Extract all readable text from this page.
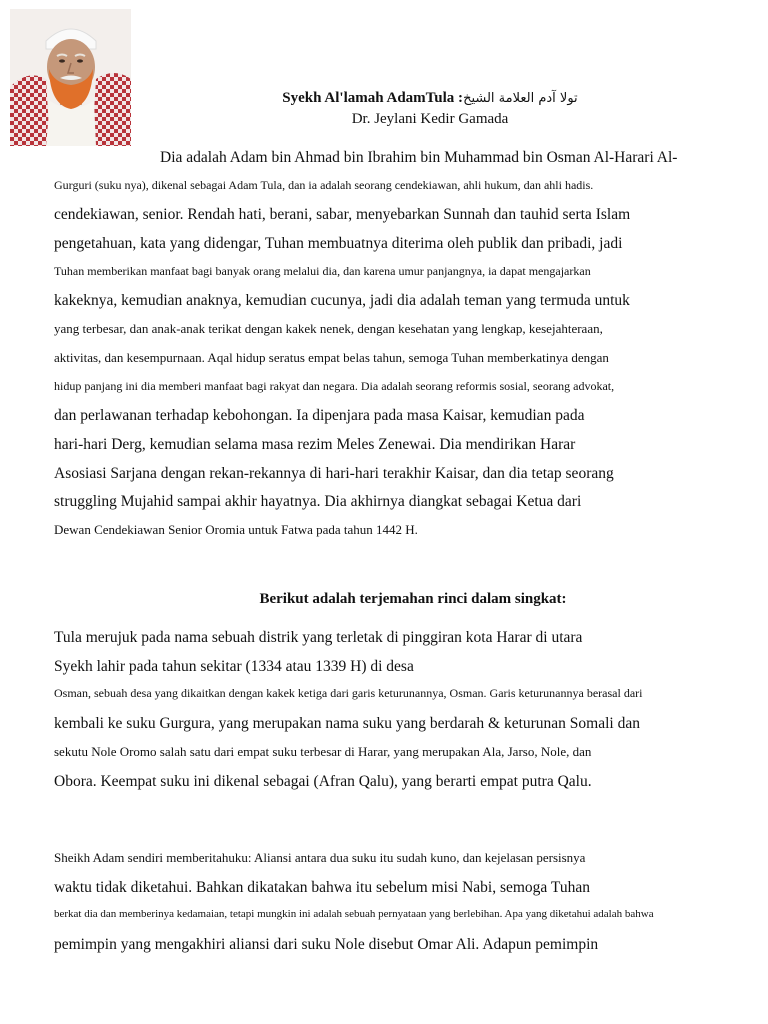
Syekh Al'lamah AdamTula :تولا آدم العلامة الشيخ
Dr. Jeylani Kedir Gamada
Dia adalah Adam bin Ahmad bin Ibrahim bin Muhammad bin Osman Al-Harari Al-
Gurguri (suku nya), dikenal sebagai Adam Tula, dan ia adalah seorang cendekiawan, ahli hukum, dan ahli hadis.
cendekiawan, senior. Rendah hati, berani, sabar, menyebarkan Sunnah dan tauhid serta Islam
pengetahuan, kata yang didengar, Tuhan membuatnya diterima oleh publik dan pribadi, jadi
Tuhan memberikan manfaat bagi banyak orang melalui dia, dan karena umur panjangnya, ia dapat mengajarkan
kakeknya, kemudian anaknya, kemudian cucunya, jadi dia adalah teman yang termuda untuk
yang terbesar, dan anak-anak terikat dengan kakek nenek, dengan kesehatan yang lengkap, kesejahteraan,
aktivitas, dan kesempurnaan. Aqal hidup seratus empat belas tahun, semoga Tuhan memberkatinya dengan
hidup panjang ini dia memberi manfaat bagi rakyat dan negara. Dia adalah seorang reformis sosial, seorang advokat,
dan perlawanan terhadap kebohongan. Ia dipenjara pada masa Kaisar, kemudian pada
hari-hari Derg, kemudian selama masa rezim Meles Zenewai. Dia mendirikan Harar
Asosiasi Sarjana dengan rekan-rekannya di hari-hari terakhir Kaisar, dan dia tetap seorang
struggling Mujahid sampai akhir hayatnya. Dia akhirnya diangkat sebagai Ketua dari
Dewan Cendekiawan Senior Oromia untuk Fatwa pada tahun 1442 H.
Berikut adalah terjemahan rinci dalam singkat:
Tula merujuk pada nama sebuah distrik yang terletak di pinggiran kota Harar di utara
Syekh lahir pada tahun sekitar (1334 atau 1339 H) di desa
Osman, sebuah desa yang dikaitkan dengan kakek ketiga dari garis keturunannya, Osman. Garis keturunannya berasal dari
kembali ke suku Gurgura, yang merupakan nama suku yang berdarah & keturunan Somali dan
sekutu Nole Oromo salah satu dari empat suku terbesar di Harar, yang merupakan Ala, Jarso, Nole, dan
Obora. Keempat suku ini dikenal sebagai (Afran Qalu), yang berarti empat putra Qalu.
Sheikh Adam sendiri memberitahuku: Aliansi antara dua suku itu sudah kuno, dan kejelasan persisnya
waktu tidak diketahui. Bahkan dikatakan bahwa itu sebelum misi Nabi, semoga Tuhan
berkat dia dan memberinya kedamaian, tetapi mungkin ini adalah sebuah pernyataan yang berlebihan. Apa yang diketahui adalah bahwa
pemimpin yang mengakhiri aliansi dari suku Nole disebut Omar Ali. Adapun pemimpin
